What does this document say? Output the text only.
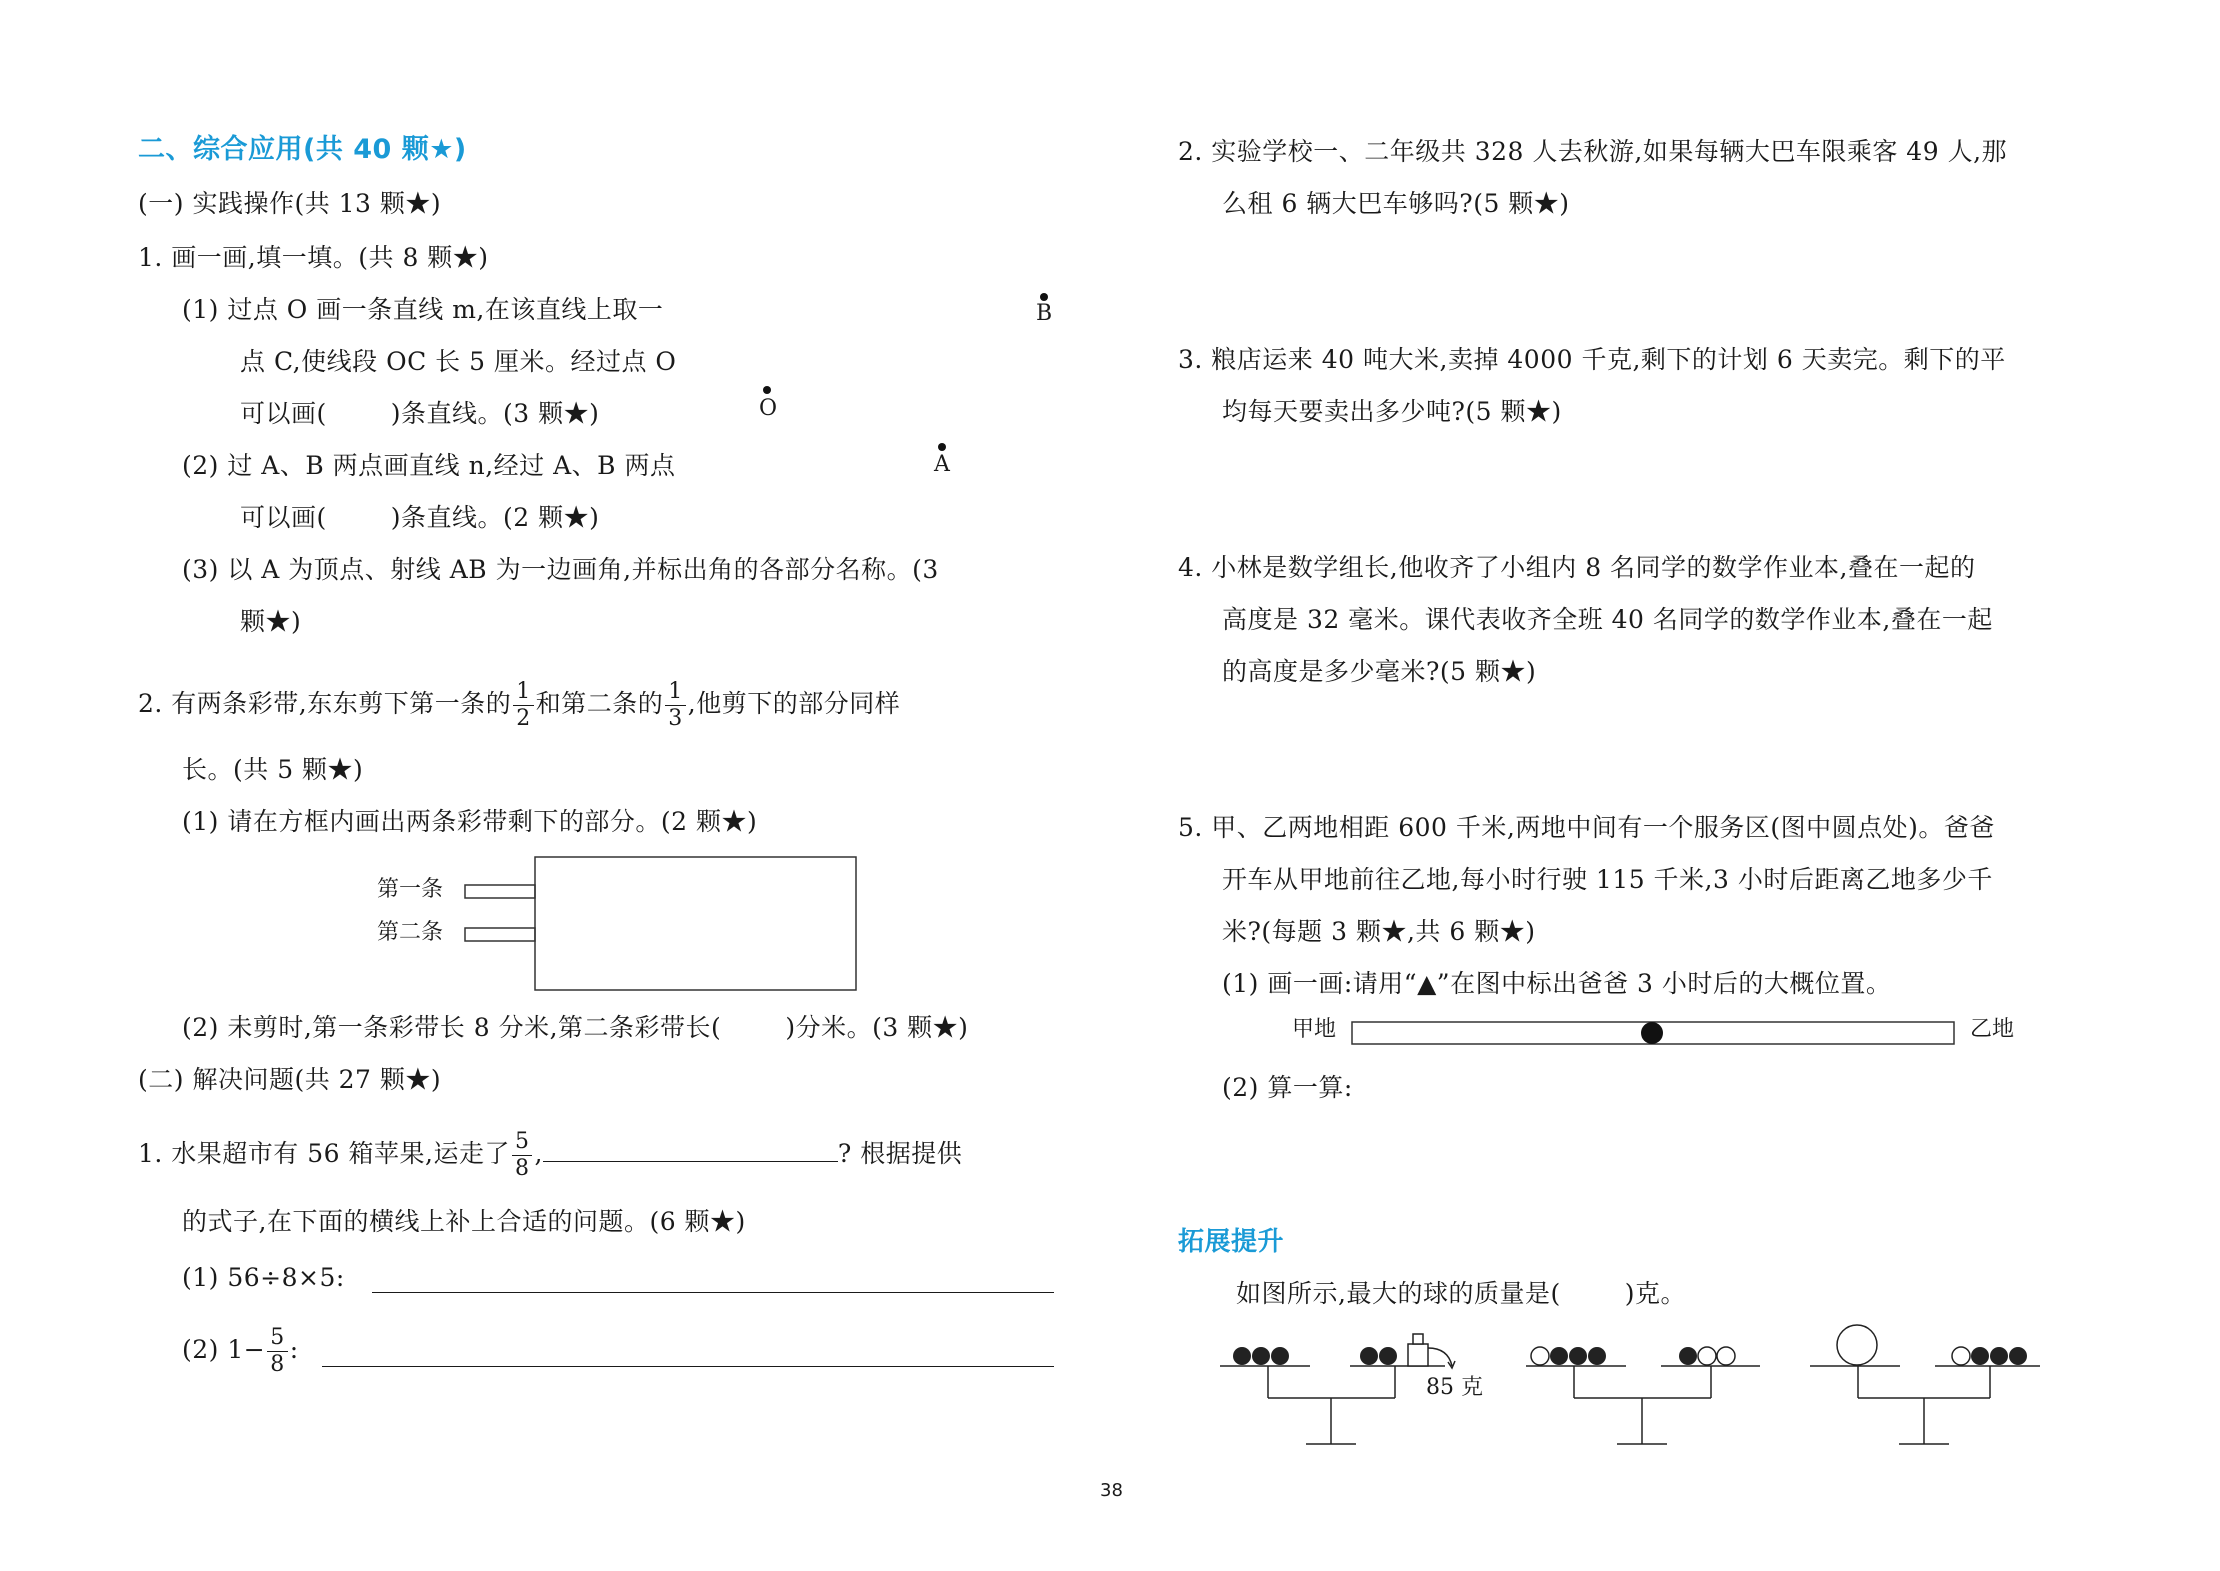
二、综合应用(共 40 颗★)
(一) 实践操作(共 13 颗★)
1. 画一画,填一填。(共 8 颗★)
(1) 过点 O 画一条直线 m,在该直线上取一
点 C,使线段 OC 长 5 厘米。经过点 O
可以画(	)条直线。(3 颗★)
(2) 过 A、B 两点画直线 n,经过 A、B 两点
可以画(	)条直线。(2 颗★)
(3) 以 A 为顶点、射线 AB 为一边画角,并标出角的各部分名称。(3
颗★)
B
O
A
2. 有两条彩带,东东剪下第一条的 $\frac{1}{2}$ 和第二条的 $\frac{1}{3}$ ,他剪下的部分同样
长。(共 5 颗★)
(1) 请在方框内画出两条彩带剩下的部分。(2 颗★)
第一条
第二条
(2) 未剪时,第一条彩带长 8 分米,第二条彩带长(	)分米。(3 颗★)
(二) 解决问题(共 27 颗★)
1. 水果超市有 56 箱苹果,运走了 $\frac{5}{8}$ ,	? 根据提供
的式子,在下面的横线上补上合适的问题。(6 颗★)
(1) 56÷8×5:
(2) $1- \frac{5}{8}$ :
2. 实验学校一、二年级共 328 人去秋游,如果每辆大巴车限乘客 49 人,那
么租 6 辆大巴车够吗?(5 颗★)
3. 粮店运来 40 吨大米,卖掉 4000 千克,剩下的计划 6 天卖完。剩下的平
均每天要卖出多少吨?(5 颗★)
4. 小林是数学组长,他收齐了小组内 8 名同学的数学作业本,叠在一起的
高度是 32 毫米。课代表收齐全班 40 名同学的数学作业本,叠在一起
的高度是多少毫米?(5 颗★)
5. 甲、乙两地相距 600 千米,两地中间有一个服务区(图中圆点处)。爸爸
开车从甲地前往乙地,每小时行驶 115 千米,3 小时后距离乙地多少千
米?(每题 3 颗★,共 6 颗★)
(1) 画一画:请用“▲”在图中标出爸爸 3 小时后的大概位置。
甲地	乙地
(2) 算一算:
拓展提升
如图所示,最大的球的质量是(	)克。
85 克
38
